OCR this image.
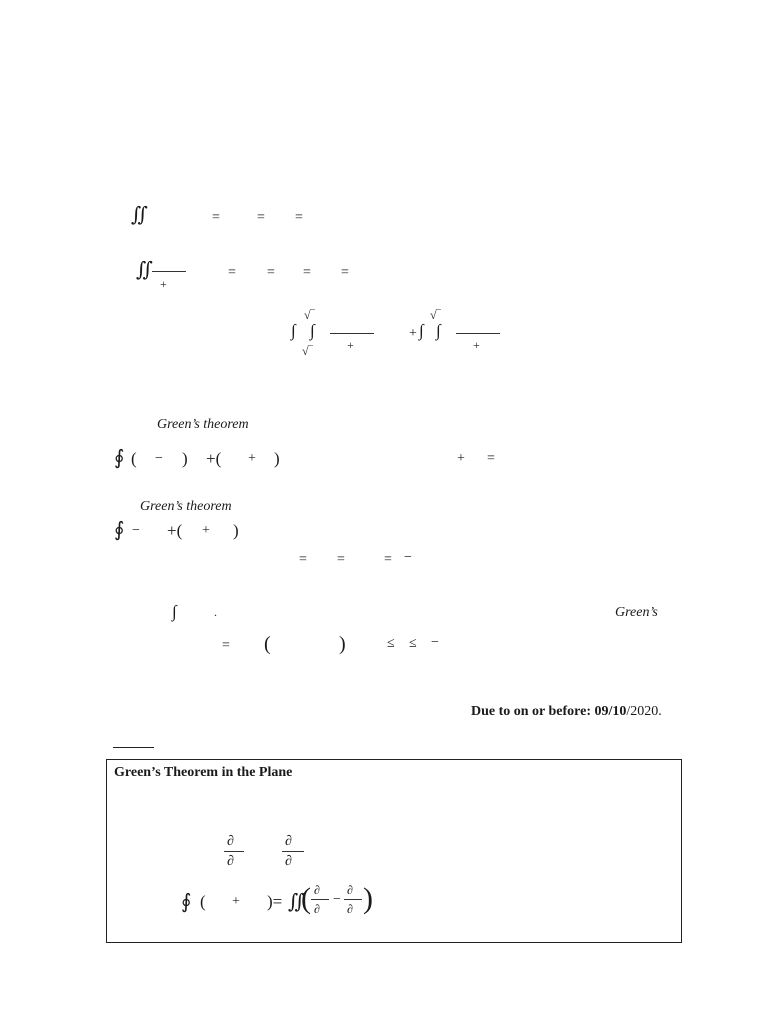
∬	=	= =
∬
+
= = = =
∫
√‾
∫
√‾	+
+ ∫
√‾
∫
+
Green’s theorem
∮ ( − ) +( + )	+ =
Green’s theorem
∮ − +( + )
= =	= −
∫	.	Green’s
= (	)	≤ ≤ −
Due to on or before: 09/10/2020.
Green’s Theorem in the Plane
∂
∂
∂
∂
∮ ( + )= ∬
( ∂
∂
−
∂
∂ )
